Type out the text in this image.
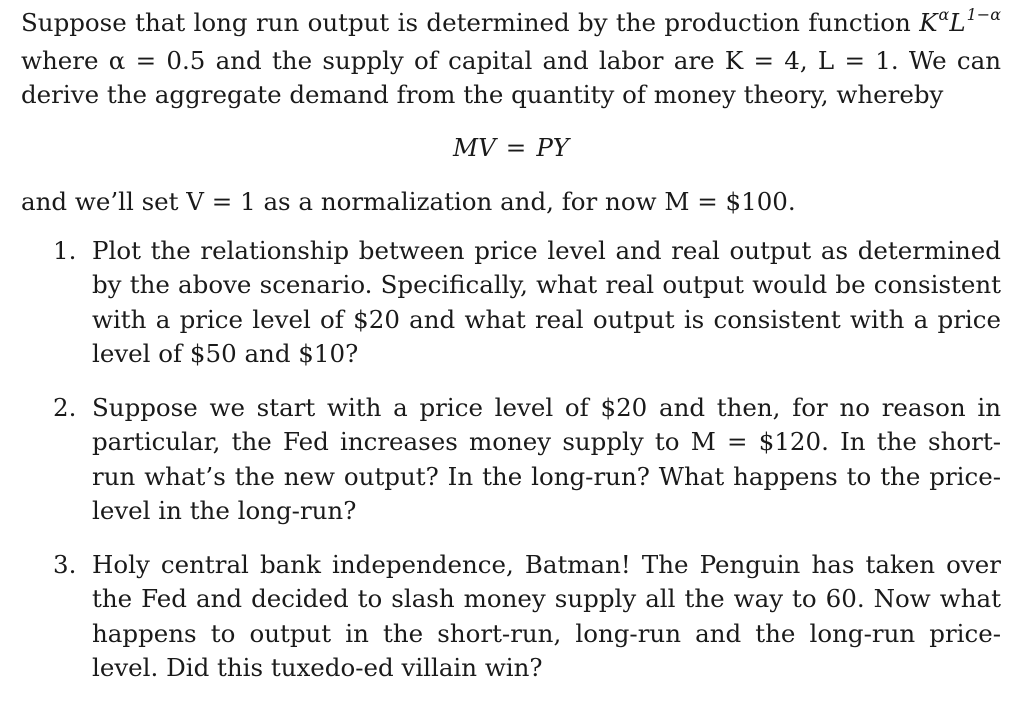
Suppose that long run output is determined by the production function $K^\alpha L^{1-\alpha}$ where α = 0.5 and the supply of capital and labor are K = 4, L = 1. We can derive the aggregate demand from the quantity of money theory, whereby
MV = PY
and we’ll set V = 1 as a normalization and, for now M = $100.
1. Plot the relationship between price level and real output as determined by the above scenario. Specifically, what real output would be consistent with a price level of $20 and what real output is consistent with a price level of $50 and $10?
2. Suppose we start with a price level of $20 and then, for no reason in particular, the Fed increases money supply to M = $120. In the short-run what’s the new output? In the long-run? What happens to the price-level in the long-run?
3. Holy central bank independence, Batman! The Penguin has taken over the Fed and decided to slash money supply all the way to 60. Now what happens to output in the short-run, long-run and the long-run price-level. Did this tuxedo-ed villain win?
